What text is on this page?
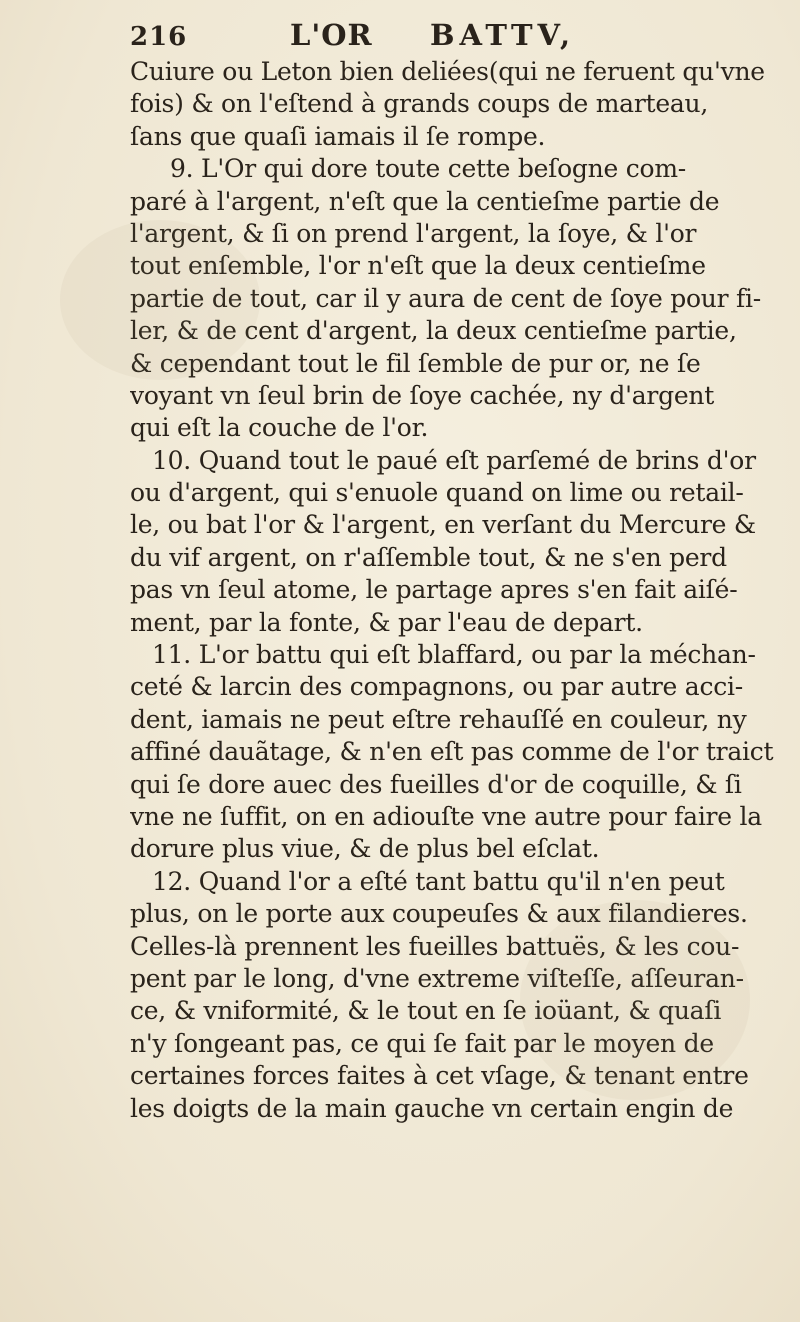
216	L'OR	BATTV,
Cuiure ou Leton bien deliées(qui ne feruent qu'vne
fois) & on l'eſtend à grands coups de marteau,
ſans que quaſi iamais il ſe rompe.
9. L'Or qui dore toute cette beſogne com-
paré à l'argent, n'eſt que la centieſme partie de
l'argent, & ſi on prend l'argent, la ſoye, & l'or
tout enſemble, l'or n'eſt que la deux centieſme
partie de tout, car il y aura de cent de ſoye pour fi-
ler, & de cent d'argent, la deux centieſme partie,
& cependant tout le fil ſemble de pur or, ne ſe
voyant vn ſeul brin de ſoye cachée, ny d'argent
qui eſt la couche de l'or.
10. Quand tout le paué eſt parſemé de brins d'or
ou d'argent, qui s'enuole quand on lime ou retail-
le, ou bat l'or & l'argent, en verſant du Mercure &
du vif argent, on r'aſſemble tout, & ne s'en perd
pas vn ſeul atome, le partage apres s'en fait aiſé-
ment, par la fonte, & par l'eau de depart.
11. L'or battu qui eſt blaffard, ou par la méchan-
ceté & larcin des compagnons, ou par autre acci-
dent, iamais ne peut eſtre rehauſſé en couleur, ny
affiné dauãtage, & n'en eſt pas comme de l'or traict
qui ſe dore auec des fueilles d'or de coquille, & ſi
vne ne ſuffit, on en adiouſte vne autre pour faire la
dorure plus viue, & de plus bel eſclat.
12. Quand l'or a eſté tant battu qu'il n'en peut
plus, on le porte aux coupeuſes & aux filandieres.
Celles-là prennent les fueilles battuës, & les cou-
pent par le long, d'vne extreme viſteſſe, aſſeuran-
ce, & vniformité, & le tout en ſe ioüant, & quaſi
n'y ſongeant pas, ce qui ſe fait par le moyen de
certaines forces faites à cet vſage, & tenant entre
les doigts de la main gauche vn certain engin de
